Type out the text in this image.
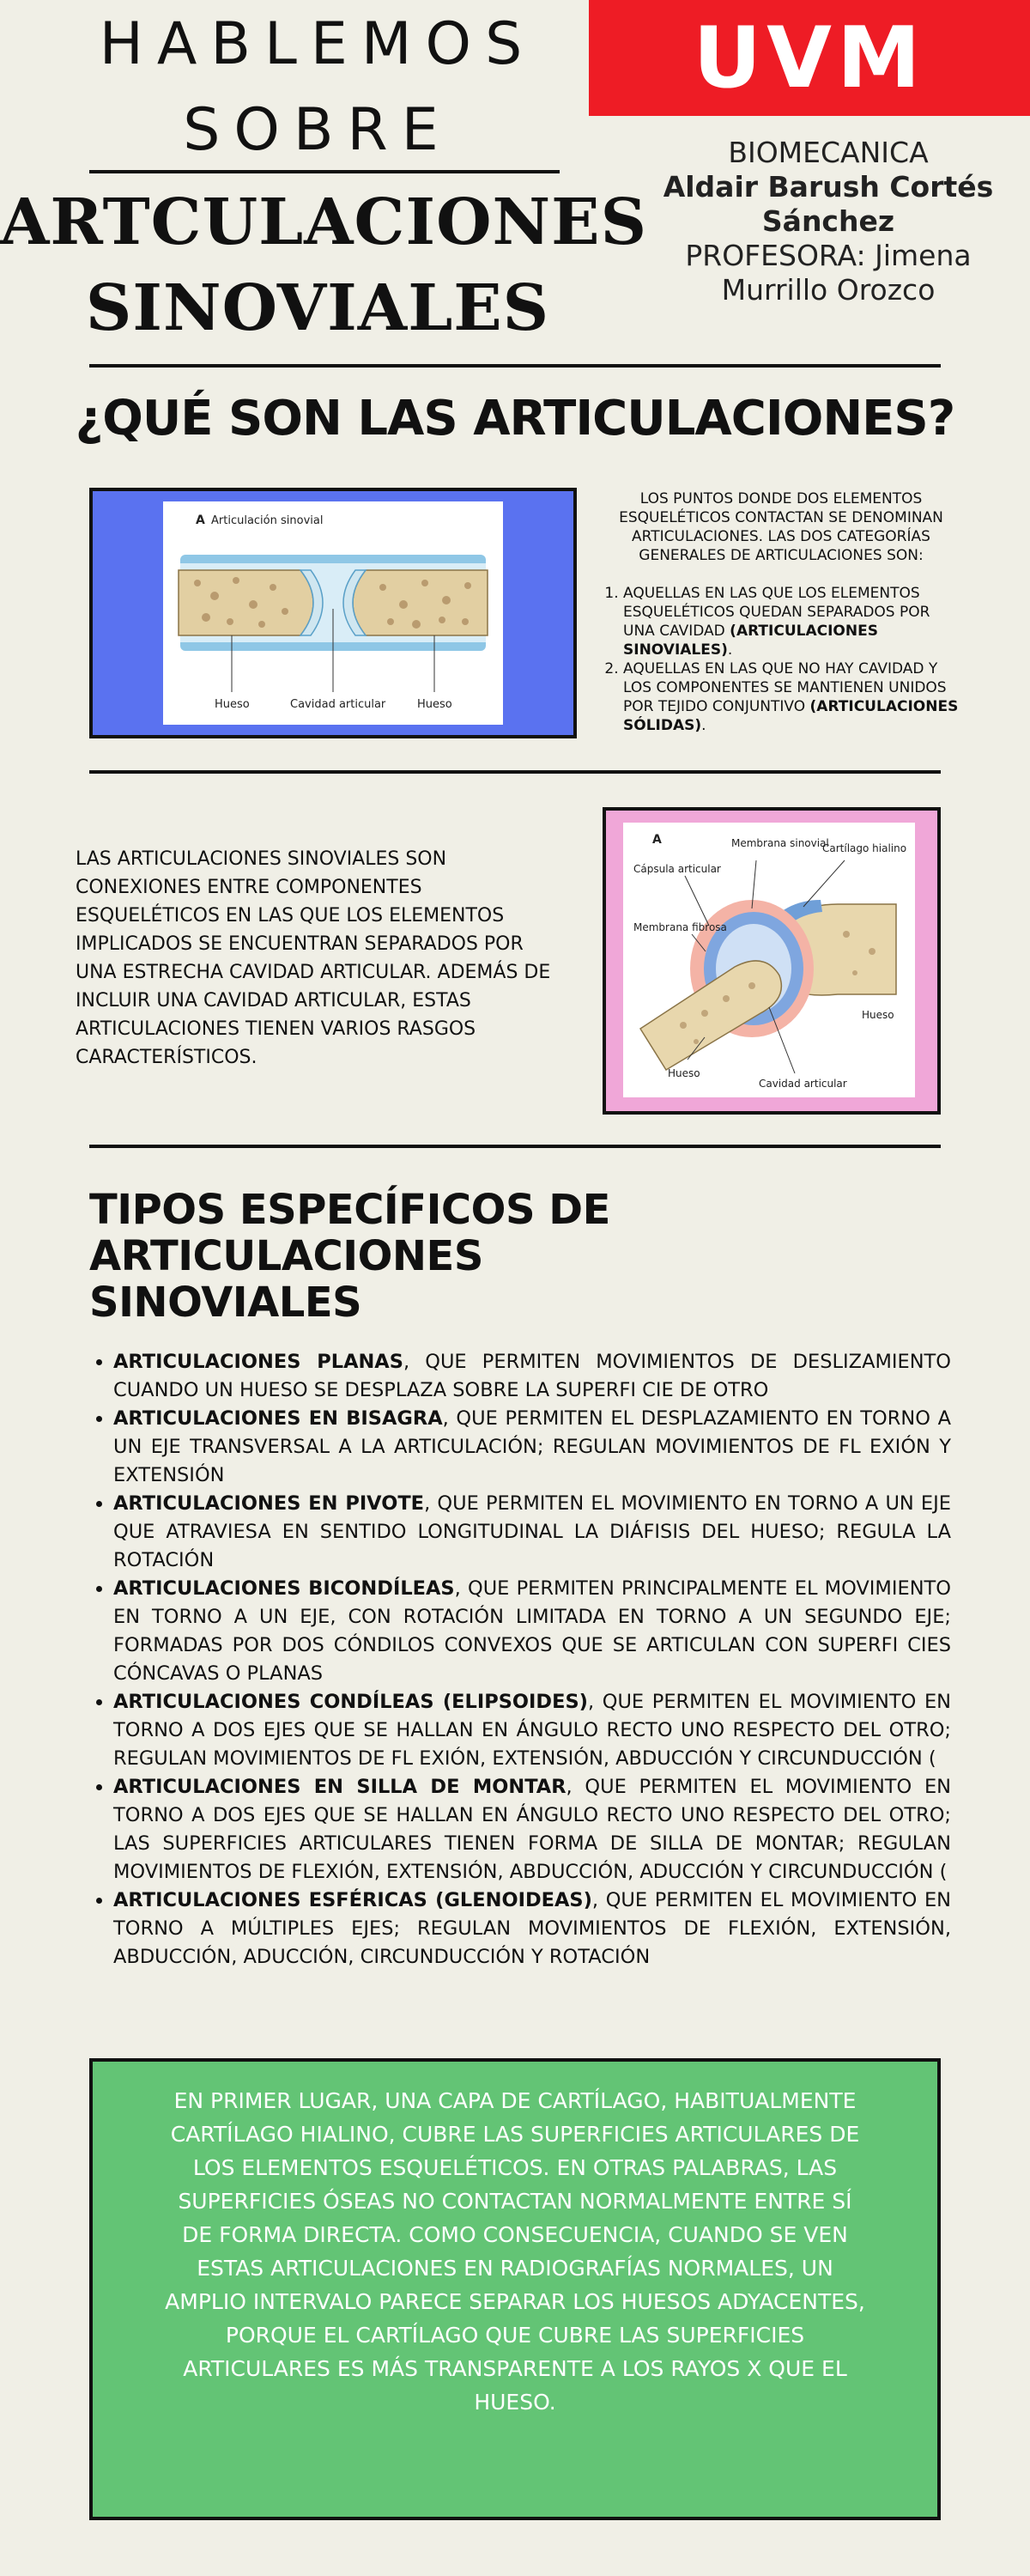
HABLEMOS
SOBRE
ARTCULACIONES
SINOVIALES
UVM
BIOMECANICA
Aldair Barush Cortés Sánchez
PROFESORA: Jimena Murrillo Orozco
¿QUÉ SON LAS ARTICULACIONES?
A Articulación sinovial
Hueso	Cavidad articular	Hueso

LOS PUNTOS DONDE DOS ELEMENTOS ESQUELÉTICOS CONTACTAN SE DENOMINAN ARTICULACIONES. LAS DOS CATEGORÍAS GENERALES DE ARTICULACIONES SON:

1. AQUELLAS EN LAS QUE LOS ELEMENTOS ESQUELÉTICOS QUEDAN SEPARADOS POR UNA CAVIDAD (ARTICULACIONES SINOVIALES).
2. AQUELLAS EN LAS QUE NO HAY CAVIDAD Y LOS COMPONENTES SE MANTIENEN UNIDOS POR TEJIDO CONJUNTIVO (ARTICULACIONES SÓLIDAS).
LAS ARTICULACIONES SINOVIALES SON CONEXIONES ENTRE COMPONENTES ESQUELÉTICOS EN LAS QUE LOS ELEMENTOS IMPLICADOS SE ENCUENTRAN SEPARADOS POR UNA ESTRECHA CAVIDAD ARTICULAR. ADEMÁS DE INCLUIR UNA CAVIDAD ARTICULAR, ESTAS ARTICULACIONES TIENEN VARIOS RASGOS CARACTERÍSTICOS.
A	Membrana sinovial
Cartílago hialino
Cápsula articular
Membrana fibrosa
Hueso
Hueso
Cavidad articular
TIPOS ESPECÍFICOS DE ARTICULACIONES SINOVIALES
• ARTICULACIONES PLANAS, QUE PERMITEN MOVIMIENTOS DE DESLIZAMIENTO CUANDO UN HUESO SE DESPLAZA SOBRE LA SUPERFI CIE DE OTRO
• ARTICULACIONES EN BISAGRA, QUE PERMITEN EL DESPLAZAMIENTO EN TORNO A UN EJE TRANSVERSAL A LA ARTICULACIÓN; REGULAN MOVIMIENTOS DE FL EXIÓN Y EXTENSIÓN
• ARTICULACIONES EN PIVOTE, QUE PERMITEN EL MOVIMIENTO EN TORNO A UN EJE QUE ATRAVIESA EN SENTIDO LONGITUDINAL LA DIÁFISIS DEL HUESO; REGULA LA ROTACIÓN
• ARTICULACIONES BICONDÍLEAS, QUE PERMITEN PRINCIPALMENTE EL MOVIMIENTO EN TORNO A UN EJE, CON ROTACIÓN LIMITADA EN TORNO A UN SEGUNDO EJE; FORMADAS POR DOS CÓNDILOS CONVEXOS QUE SE ARTICULAN CON SUPERFI CIES CÓNCAVAS O PLANAS
• ARTICULACIONES CONDÍLEAS (ELIPSOIDES), QUE PERMITEN EL MOVIMIENTO EN TORNO A DOS EJES QUE SE HALLAN EN ÁNGULO RECTO UNO RESPECTO DEL OTRO; REGULAN MOVIMIENTOS DE FL EXIÓN, EXTENSIÓN, ABDUCCIÓN Y CIRCUNDUCCIÓN (
• ARTICULACIONES EN SILLA DE MONTAR, QUE PERMITEN EL MOVIMIENTO EN TORNO A DOS EJES QUE SE HALLAN EN ÁNGULO RECTO UNO RESPECTO DEL OTRO; LAS SUPERFICIES ARTICULARES TIENEN FORMA DE SILLA DE MONTAR; REGULAN MOVIMIENTOS DE FLEXIÓN, EXTENSIÓN, ABDUCCIÓN, ADUCCIÓN Y CIRCUNDUCCIÓN (
• ARTICULACIONES ESFÉRICAS (GLENOIDEAS), QUE PERMITEN EL MOVIMIENTO EN TORNO A MÚLTIPLES EJES; REGULAN MOVIMIENTOS DE FLEXIÓN, EXTENSIÓN, ABDUCCIÓN, ADUCCIÓN, CIRCUNDUCCIÓN Y ROTACIÓN
EN PRIMER LUGAR, UNA CAPA DE CARTÍLAGO, HABITUALMENTE CARTÍLAGO HIALINO, CUBRE LAS SUPERFICIES ARTICULARES DE LOS ELEMENTOS ESQUELÉTICOS. EN OTRAS PALABRAS, LAS SUPERFICIES ÓSEAS NO CONTACTAN NORMALMENTE ENTRE SÍ DE FORMA DIRECTA. COMO CONSECUENCIA, CUANDO SE VEN ESTAS ARTICULACIONES EN RADIOGRAFÍAS NORMALES, UN AMPLIO INTERVALO PARECE SEPARAR LOS HUESOS ADYACENTES, PORQUE EL CARTÍLAGO QUE CUBRE LAS SUPERFICIES ARTICULARES ES MÁS TRANSPARENTE A LOS RAYOS X QUE EL HUESO.
